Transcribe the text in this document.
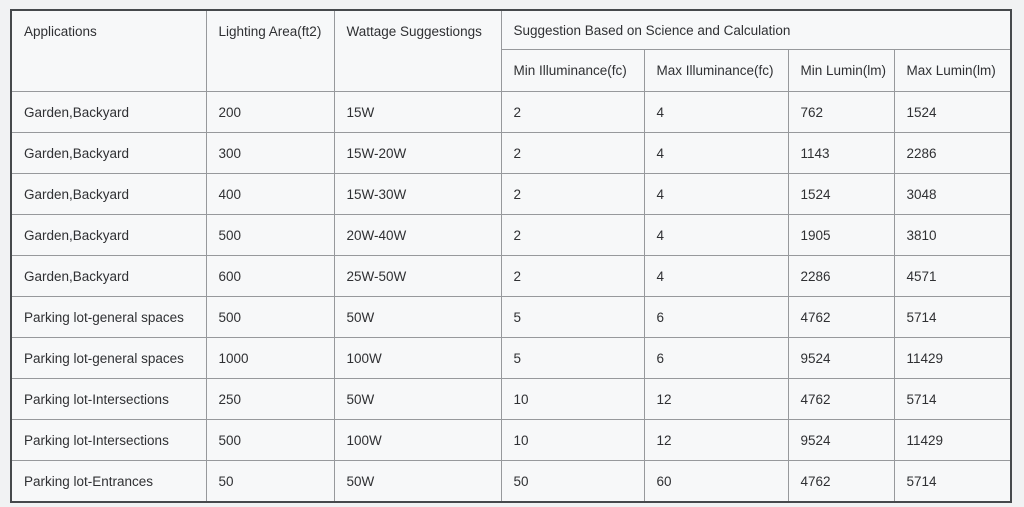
Applications	Lighting Area(ft2)	Wattage Suggestiongs	Suggestion Based on Science and Calculation			
			Min Illuminance(fc)	Max Illuminance(fc)	Min Lumin(lm)	Max Lumin(lm)
Garden,Backyard	200	15W	2	4	762	1524
Garden,Backyard	300	15W-20W	2	4	1143	2286
Garden,Backyard	400	15W-30W	2	4	1524	3048
Garden,Backyard	500	20W-40W	2	4	1905	3810
Garden,Backyard	600	25W-50W	2	4	2286	4571
Parking lot-general spaces	500	50W	5	6	4762	5714
Parking lot-general spaces	1000	100W	5	6	9524	11429
Parking lot-Intersections	250	50W	10	12	4762	5714
Parking lot-Intersections	500	100W	10	12	9524	11429
Parking lot-Entrances	50	50W	50	60	4762	5714
